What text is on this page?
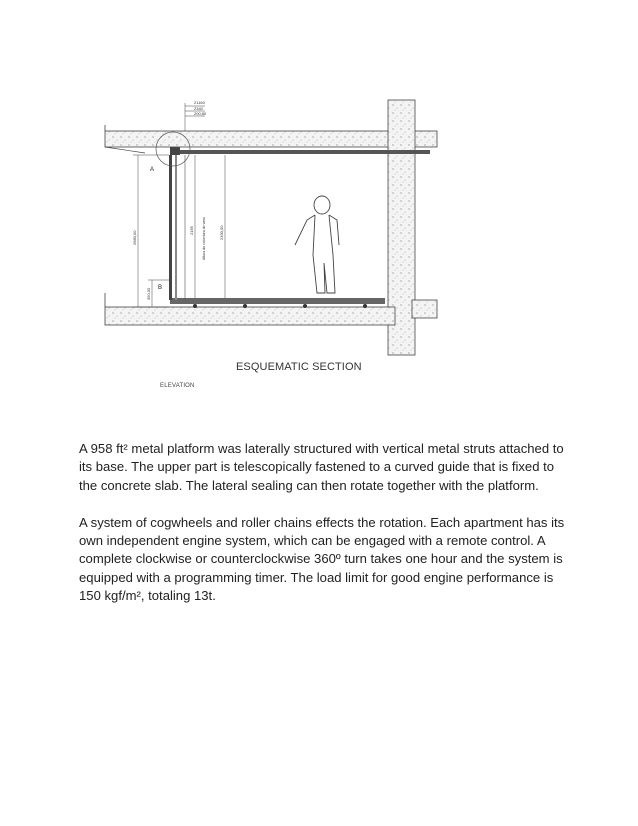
21160
2340
200,80
A
B
2680,00
350,00
2165 Altura da cobertura do vaso	2330,00
ESQUEMATIC SECTION
ELEVATION

A 958 ft² metal platform was laterally structured with vertical metal struts attached to its base. The upper part is telescopically fastened to a curved guide that is fixed to the concrete slab. The lateral sealing can then rotate together with the platform.

A system of cogwheels and roller chains effects the rotation. Each apartment has its own independent engine system, which can be engaged with a remote control. A complete clockwise or counterclockwise 360º turn takes one hour and the system is equipped with a programming timer. The load limit for good engine performance is 150 kgf/m², totaling 13t.
